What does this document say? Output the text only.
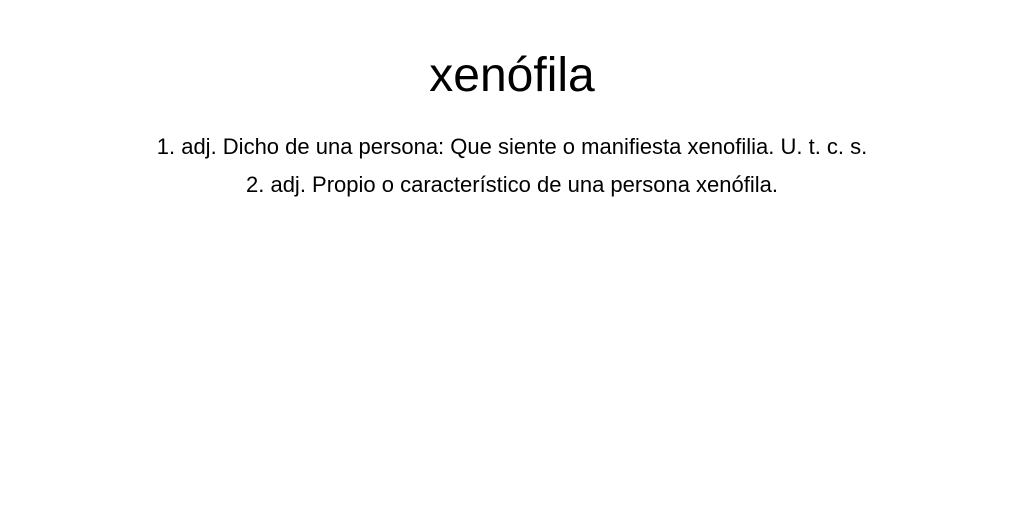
xenófila
1. adj. Dicho de una persona: Que siente o manifiesta xenofilia. U. t. c. s.
2. adj. Propio o característico de una persona xenófila.
